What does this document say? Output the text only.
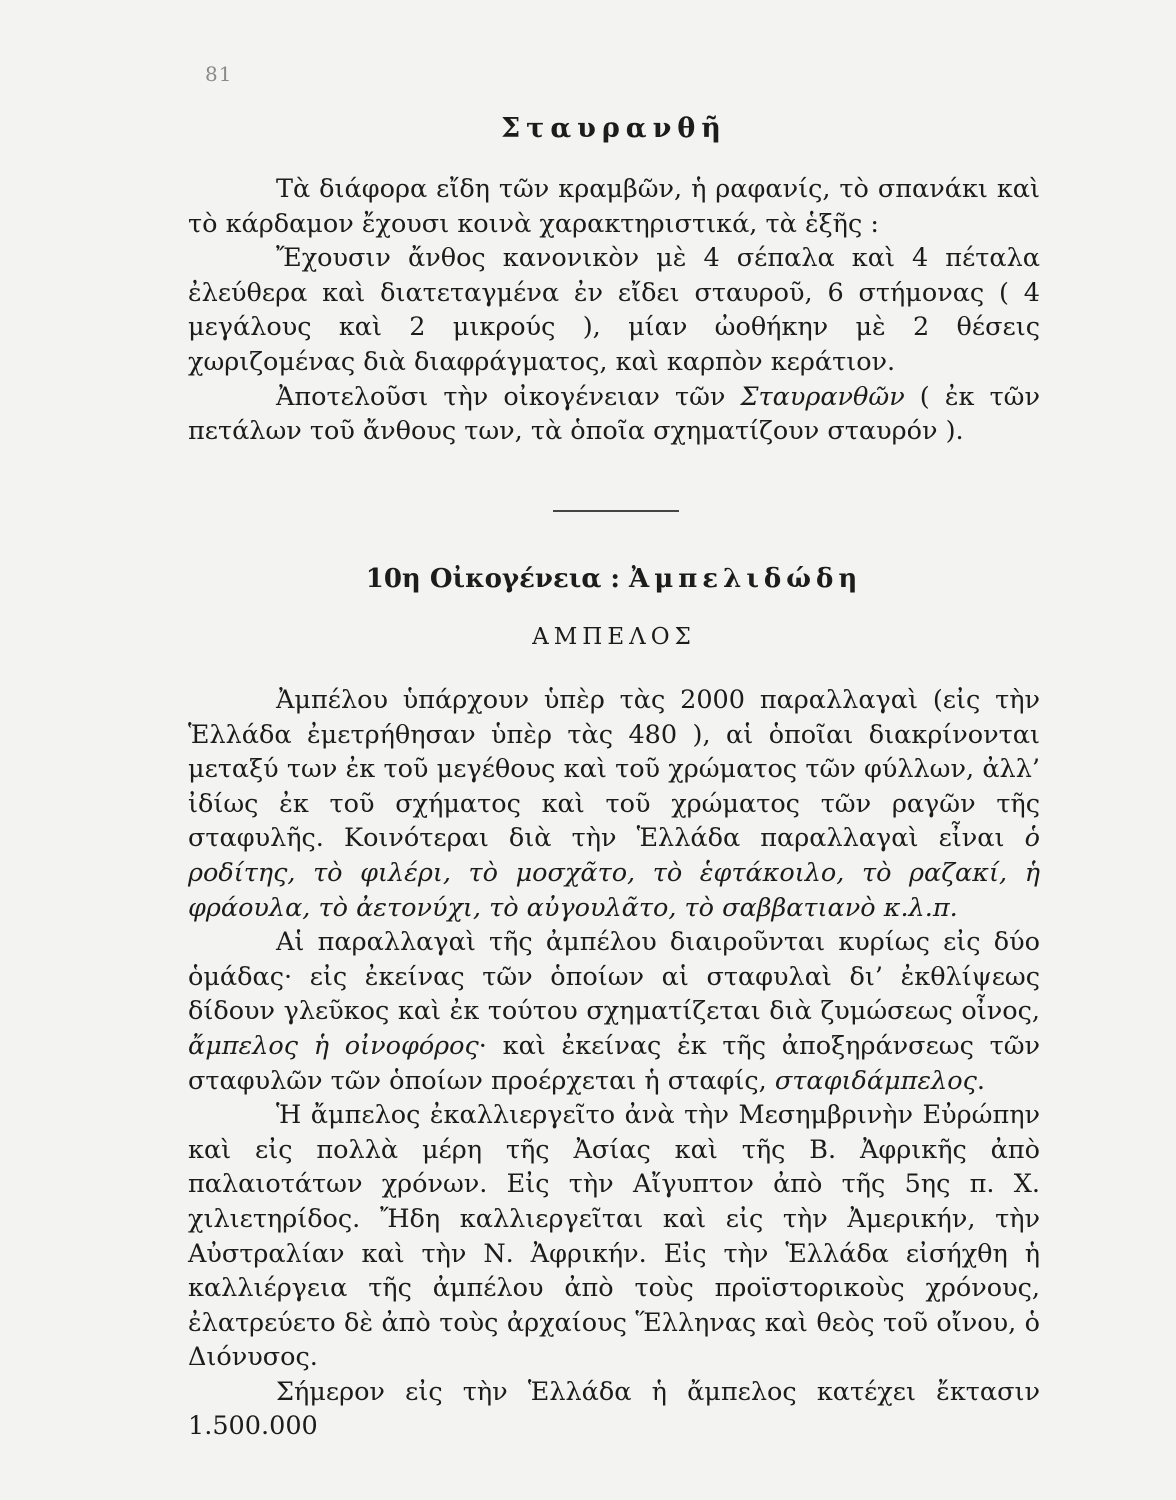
81
Σταυρανθῆ

Τὰ διάφορα εἴδη τῶν κραμβῶν, ἡ ραφανίς, τὸ σπανάκι καὶ τὸ κάρδαμον ἔχουσι κοινὰ χαρακτηριστικά, τὰ ἑξῆς :

Ἔχουσιν ἄνθος κανονικὸν μὲ 4 σέπαλα καὶ 4 πέταλα ἐλεύθερα καὶ διατεταγμένα ἐν εἴδει σταυροῦ, 6 στήμονας ( 4 μεγάλους καὶ 2 μικρούς ), μίαν ὠοθήκην μὲ 2 θέσεις χωριζομένας διὰ διαφράγματος, καὶ καρπὸν κεράτιον.

Ἀποτελοῦσι τὴν οἰκογένειαν τῶν Σταυρανθῶν ( ἐκ τῶν πετάλων τοῦ ἄνθους των, τὰ ὁποῖα σχηματίζουν σταυρόν ).

10η Οἰκογένεια : Ἀμπελιδώδη
ΑΜΠΕΛΟΣ

Ἀμπέλου ὑπάρχουν ὑπὲρ τὰς 2000 παραλλαγαὶ (εἰς τὴν Ἑλλάδα ἐμετρήθησαν ὑπὲρ τὰς 480 ), αἱ ὁποῖαι διακρίνονται μεταξύ των ἐκ τοῦ μεγέθους καὶ τοῦ χρώματος τῶν φύλλων, ἀλλ’ ἰδίως ἐκ τοῦ σχήματος καὶ τοῦ χρώματος τῶν ραγῶν τῆς σταφυλῆς. Κοινότεραι διὰ τὴν Ἑλλάδα παραλλαγαὶ εἶναι ὁ ροδίτης, τὸ φιλέρι, τὸ μοσχᾶτο, τὸ ἑφτάκοιλο, τὸ ραζακί, ἡ φράουλα, τὸ ἀετονύχι, τὸ αὐγουλᾶτο, τὸ σαββατιανὸ κ.λ.π.

Αἱ παραλλαγαὶ τῆς ἀμπέλου διαιροῦνται κυρίως εἰς δύο ὁμάδας· εἰς ἐκείνας τῶν ὁποίων αἱ σταφυλαὶ δι’ ἐκθλίψεως δίδουν γλεῦκος καὶ ἐκ τούτου σχηματίζεται διὰ ζυμώσεως οἶνος, ἄμπελος ἡ οἰνοφόρος· καὶ ἐκείνας ἐκ τῆς ἀποξηράνσεως τῶν σταφυλῶν τῶν ὁποίων προέρχεται ἡ σταφίς, σταφιδάμπελος.

Ἡ ἄμπελος ἐκαλλιεργεῖτο ἀνὰ τὴν Μεσημβρινὴν Εὐρώπην καὶ εἰς πολλὰ μέρη τῆς Ἀσίας καὶ τῆς Β. Ἀφρικῆς ἀπὸ παλαιοτάτων χρόνων. Εἰς τὴν Αἴγυπτον ἀπὸ τῆς 5ης π. Χ. χιλιετηρίδος. Ἤδη καλλιεργεῖται καὶ εἰς τὴν Ἀμερικήν, τὴν Αὐστραλίαν καὶ τὴν Ν. Ἀφρικήν. Εἰς τὴν Ἑλλάδα εἰσήχθη ἡ καλλιέργεια τῆς ἀμπέλου ἀπὸ τοὺς προϊστορικοὺς χρόνους, ἐλατρεύετο δὲ ἀπὸ τοὺς ἀρχαίους Ἕλληνας καὶ θεὸς τοῦ οἴνου, ὁ Διόνυσος.

Σήμερον εἰς τὴν Ἑλλάδα ἡ ἄμπελος κατέχει ἔκτασιν 1.500.000
